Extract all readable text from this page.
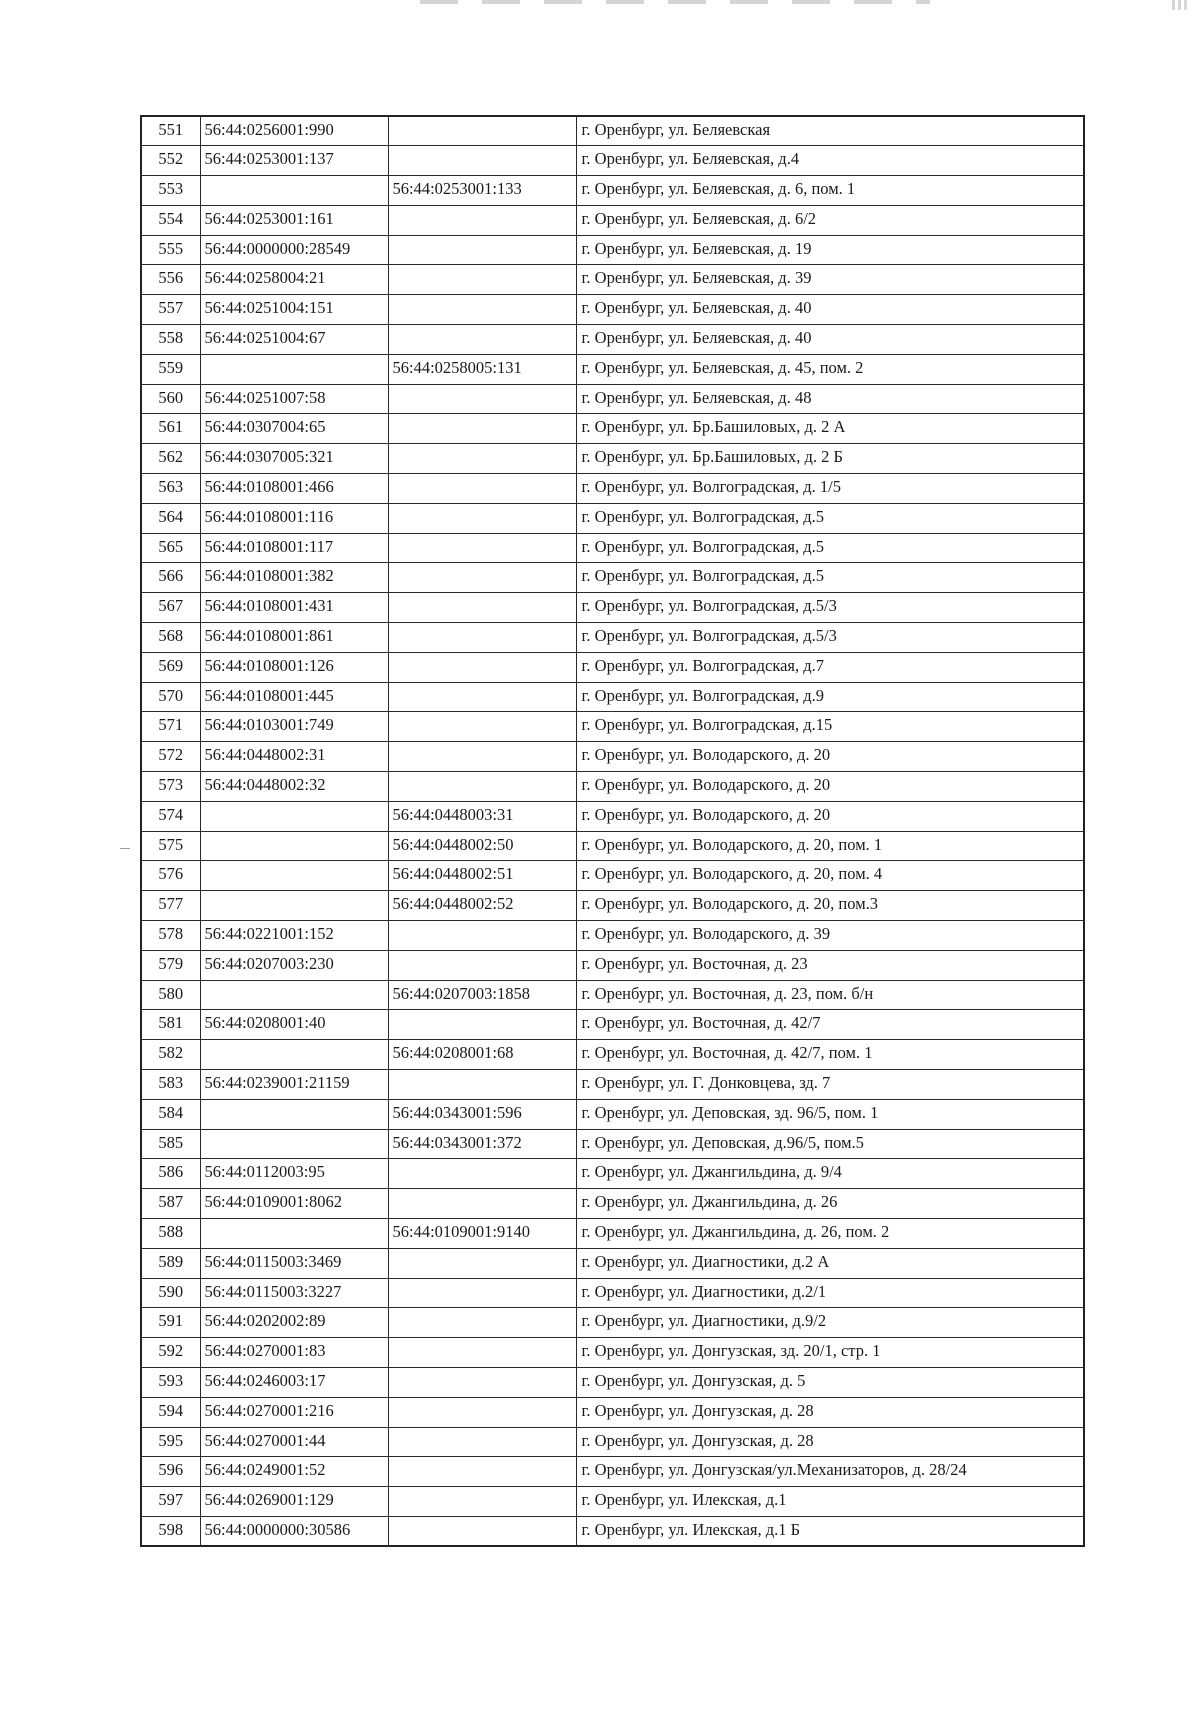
551	56:44:0256001:990		г. Оренбург, ул. Беляевская
552	56:44:0253001:137		г. Оренбург, ул. Беляевская, д.4
553		56:44:0253001:133	г. Оренбург, ул. Беляевская, д. 6, пом. 1
554	56:44:0253001:161		г. Оренбург, ул. Беляевская, д. 6/2
555	56:44:0000000:28549		г. Оренбург, ул. Беляевская, д. 19
556	56:44:0258004:21		г. Оренбург, ул. Беляевская, д. 39
557	56:44:0251004:151		г. Оренбург, ул. Беляевская, д. 40
558	56:44:0251004:67		г. Оренбург, ул. Беляевская, д. 40
559		56:44:0258005:131	г. Оренбург, ул. Беляевская, д. 45, пом. 2
560	56:44:0251007:58		г. Оренбург, ул. Беляевская, д. 48
561	56:44:0307004:65		г. Оренбург, ул. Бр.Башиловых, д. 2 А
562	56:44:0307005:321		г. Оренбург, ул. Бр.Башиловых, д. 2 Б
563	56:44:0108001:466		г. Оренбург, ул. Волгоградская, д. 1/5
564	56:44:0108001:116		г. Оренбург, ул. Волгоградская, д.5
565	56:44:0108001:117		г. Оренбург, ул. Волгоградская, д.5
566	56:44:0108001:382		г. Оренбург, ул. Волгоградская, д.5
567	56:44:0108001:431		г. Оренбург, ул. Волгоградская, д.5/3
568	56:44:0108001:861		г. Оренбург, ул. Волгоградская, д.5/3
569	56:44:0108001:126		г. Оренбург, ул. Волгоградская, д.7
570	56:44:0108001:445		г. Оренбург, ул. Волгоградская, д.9
571	56:44:0103001:749		г. Оренбург, ул. Волгоградская, д.15
572	56:44:0448002:31		г. Оренбург, ул. Володарского, д. 20
573	56:44:0448002:32		г. Оренбург, ул. Володарского, д. 20
574		56:44:0448003:31	г. Оренбург, ул. Володарского, д. 20
575		56:44:0448002:50	г. Оренбург, ул. Володарского, д. 20, пом. 1
576		56:44:0448002:51	г. Оренбург, ул. Володарского, д. 20, пом. 4
577		56:44:0448002:52	г. Оренбург, ул. Володарского, д. 20, пом.3
578	56:44:0221001:152		г. Оренбург, ул. Володарского, д. 39
579	56:44:0207003:230		г. Оренбург, ул. Восточная, д. 23
580		56:44:0207003:1858	г. Оренбург, ул. Восточная, д. 23, пом. б/н
581	56:44:0208001:40		г. Оренбург, ул. Восточная, д. 42/7
582		56:44:0208001:68	г. Оренбург, ул. Восточная, д. 42/7, пом. 1
583	56:44:0239001:21159		г. Оренбург, ул. Г. Донковцева, зд. 7
584		56:44:0343001:596	г. Оренбург, ул. Деповская, зд. 96/5, пом. 1
585		56:44:0343001:372	г. Оренбург, ул. Деповская, д.96/5, пом.5
586	56:44:0112003:95		г. Оренбург, ул. Джангильдина, д. 9/4
587	56:44:0109001:8062		г. Оренбург, ул. Джангильдина, д. 26
588		56:44:0109001:9140	г. Оренбург, ул. Джангильдина, д. 26, пом. 2
589	56:44:0115003:3469		г. Оренбург, ул. Диагностики, д.2 А
590	56:44:0115003:3227		г. Оренбург, ул. Диагностики, д.2/1
591	56:44:0202002:89		г. Оренбург, ул. Диагностики, д.9/2
592	56:44:0270001:83		г. Оренбург, ул. Донгузская, зд. 20/1, стр. 1
593	56:44:0246003:17		г. Оренбург, ул. Донгузская, д. 5
594	56:44:0270001:216		г. Оренбург, ул. Донгузская, д. 28
595	56:44:0270001:44		г. Оренбург, ул. Донгузская, д. 28
596	56:44:0249001:52		г. Оренбург, ул. Донгузская/ул.Механизаторов, д. 28/24
597	56:44:0269001:129		г. Оренбург, ул. Илекская, д.1
598	56:44:0000000:30586		г. Оренбург, ул. Илекская, д.1 Б
